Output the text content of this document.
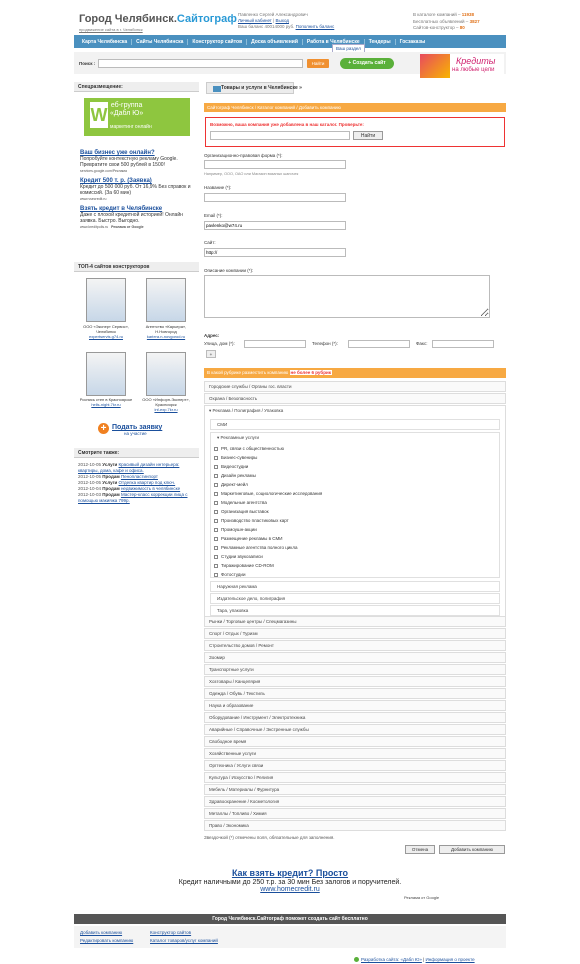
Город Челябинск.Сайтограф
продвижение сайта в г. Челябинск
Павленко Сергей Александрович
Личный кабинет | Выход
Ваш баланс 40014000 руб. Пополнить баланс
В каталоге компаний – 11938
Бесплатных объявлений – 3827
Сайтов-конструктор – 80
Карта Челябинска	Сайты Челябинска	Конструктор сайтов	Доска объявлений	Работа в Челябинске	Тендеры	Госзаказы
Ваш раздел
Поиск :	Найти	+ Создать сайт	Кредиты
на любые цели
Спецразмещение:
W еб-группа
«Дабл Ю»
маркетинг онлайн
Ваш бизнес уже онлайн?
Попробуйте контекстную рекламу Google. Превратите свои 500 рублей в 1500!
services.google.com/Реклама
Кредит 500 т. р. (Заявка)
Кредит до 500 000 руб. От 16,9% Без справок и комиссий. (За 60 мин)
www.vsecredit.ru
Взять кредит в Челябинске
Даже с плохой кредитной историей! Онлайн заявка. Быстро. Выгодно.
www.kreditpolis.ru Реклама от Google
ТОП-4 сайтов конструкторов
ООО «Эксперт Сервис», Челябинск
expertservis.g74.ru
Агентство «Карьера», Н.Новгород
kariera.n-novgorod.ru
Роспись стен в Красноярске
hells-night.7kr.ru
ООО «Инфорн-Эксперт», Красноярск
inf-exp.7kr.ru
+ Подать заявку
на участие
Смотрите также:
2012-10-05 Услуги Красивый дизайн интерьера: квартиры, дома, кафе и офиса.
2012-10-05 Продам Пенопластинпорт
2012-10-05 Услуги Отделка квартир под ключ.
2012-10-04 Продам недвижимость в челябинске
2012-10-03 Продам Мастер-класс коррекции лица с помощью макияжа 799р.
Товары и услуги в Челябинске »
Сайтограф Челябинск / Каталог компаний / Добавить компанию
Возможно, ваша компания уже добавлена в наш каталог. Проверьте:
Найти
Организационно-правовая форма (*):
Например, ООО, ОАО или Магазин вязаных шапочек
Название (*):
Email (*):
pavlenko@w74.ru
Сайт:
http://
Описание компании (*):
Адрес:
Улица, дом (*):	Телефон (*):	Факс:
+
В какой рубрике разместить компанию не более 6 рубрик
Городские службы / Органы гос. власти
Охрана / Безопасность
▾ Реклама / Полиграфия / Упаковка
СМИ
▾ Рекламные услуги
PR, связи с общественностью
Бизнес-сувениры
Видеостудии
Дизайн рекламы
Директ-мейл
Маркетинговые, социологические исследования
Модельные агентства
Организация выставок
Производство пластиковых карт
Промоушн-акции
Размещение рекламы в СМИ
Рекламные агентства полного цикла
Студии звукозаписи
Тиражирование CD-ROM
Фотостудии
Наружная реклама
Издательское дело, полиграфия
Тара, упаковка
Рынки / Торговые центры / Спецмагазины
Спорт / Отдых / Туризм
Строительство домов / Ремонт
Зоомир
Транспортные услуги
Хозтовары / Канцелярия
Одежда / Обувь / Текстиль
Наука и образование
Оборудование / Инструмент / Электротехника
Аварийные / Справочные / Экстренные службы
Свободное время
Хозяйственные услуги
Оргтехника / Услуги связи
Культура / Искусство / Религия
Мебель / Материалы / Фурнитура
Здравоохранение / Косметология
Металлы / Топливо / Химия
Право / Экономика
Звездочкой (*) отмечены поля, обязательные для заполнения.
Отмена	Добавить компанию
Как взять кредит? Просто
Кредит наличными до 250 т.р. за 30 мин Без залогов и поручителей.
www.homecredit.ru
Реклама от Google
Город Челябинск.Сайтограф поможет создать сайт бесплатно
Добавить компанию
Редактировать компанию
Конструктор сайтов
Каталог товаров/услуг компаний
Разработка сайта: «Дабл Ю» | Информация о проекте
